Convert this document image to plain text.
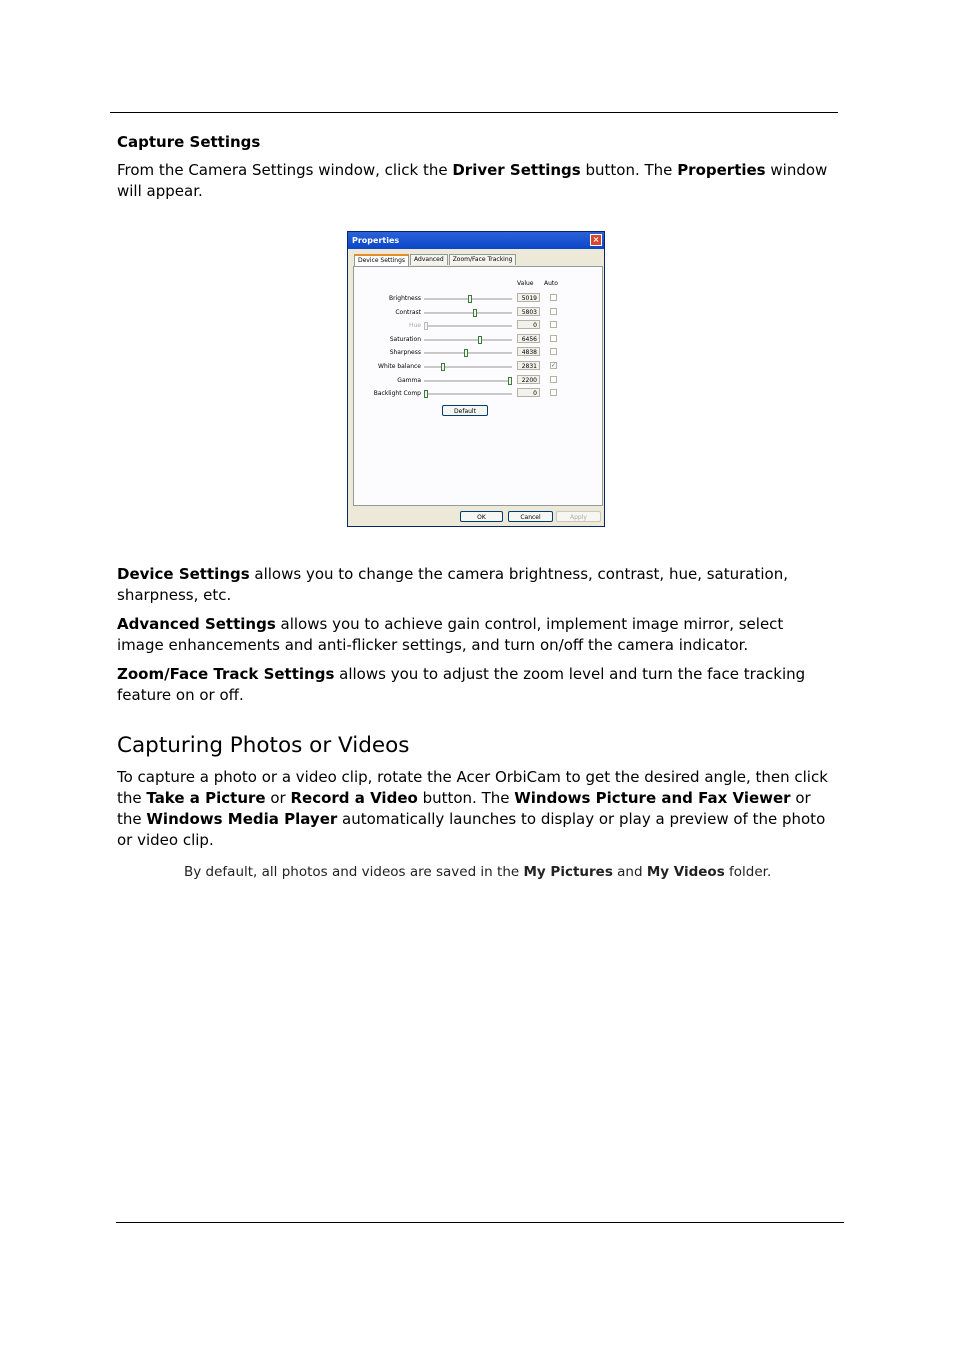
Capture Settings
From the Camera Settings window, click the Driver Settings button. The Properties window will appear.
Properties	×
Device Settings	Advanced	Zoom/Face Tracking
Value Auto
Brightness	5019
Contrast	5803
Hue	0
Saturation	6456
Sharpness	4838
White balance	2831	✓
Gamma	2200
Backlight Comp	0
Default
OK	Cancel	Apply
Device Settings allows you to change the camera brightness, contrast, hue, saturation, sharpness, etc.
Advanced Settings allows you to achieve gain control, implement image mirror, select image enhancements and anti-flicker settings, and turn on/off the camera indicator.
Zoom/Face Track Settings allows you to adjust the zoom level and turn the face tracking feature on or off.
Capturing Photos or Videos
To capture a photo or a video clip, rotate the Acer OrbiCam to get the desired angle, then click the Take a Picture or Record a Video button. The Windows Picture and Fax Viewer or the Windows Media Player automatically launches to display or play a preview of the photo or video clip.
By default, all photos and videos are saved in the My Pictures and My Videos folder.
